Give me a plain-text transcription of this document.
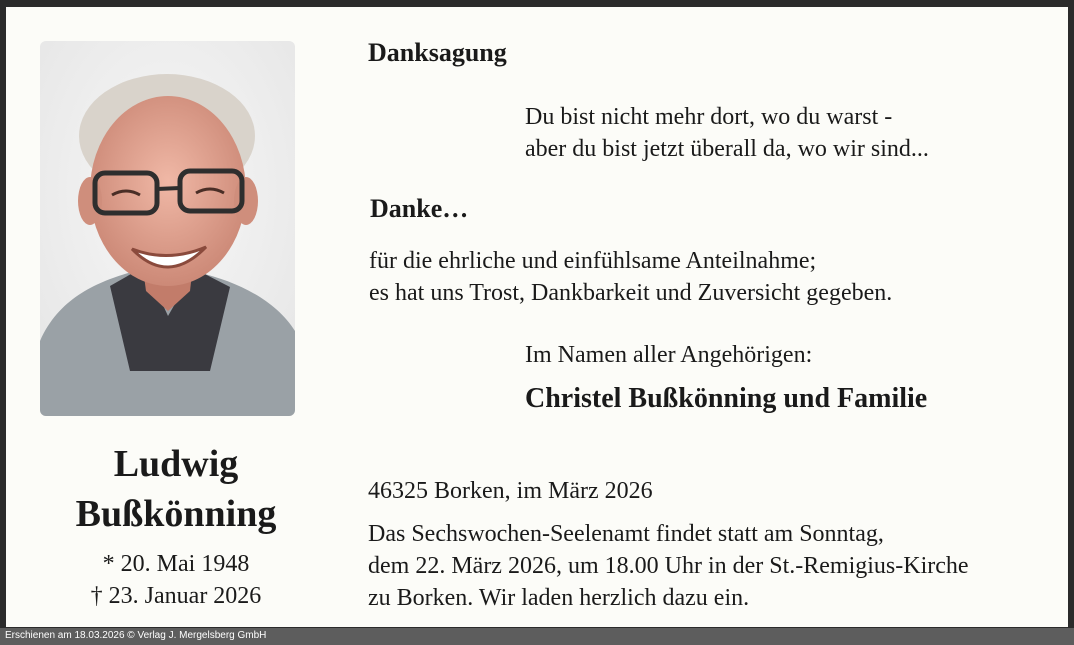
Ludwig
Bußkönning
* 20. Mai 1948
† 23. Januar 2026
Danksagung
Du bist nicht mehr dort, wo du warst -
aber du bist jetzt überall da, wo wir sind...
Danke…
für die ehrliche und einfühlsame Anteilnahme;
es hat uns Trost, Dankbarkeit und Zuversicht gegeben.
Im Namen aller Angehörigen:
Christel Bußkönning und Familie
46325 Borken, im März 2026
Das Sechswochen-Seelenamt findet statt am Sonntag,
dem 22. März 2026, um 18.00 Uhr in der St.-Remigius-Kirche
zu Borken. Wir laden herzlich dazu ein.
Erschienen am 18.03.2026 © Verlag J. Mergelsberg GmbH
